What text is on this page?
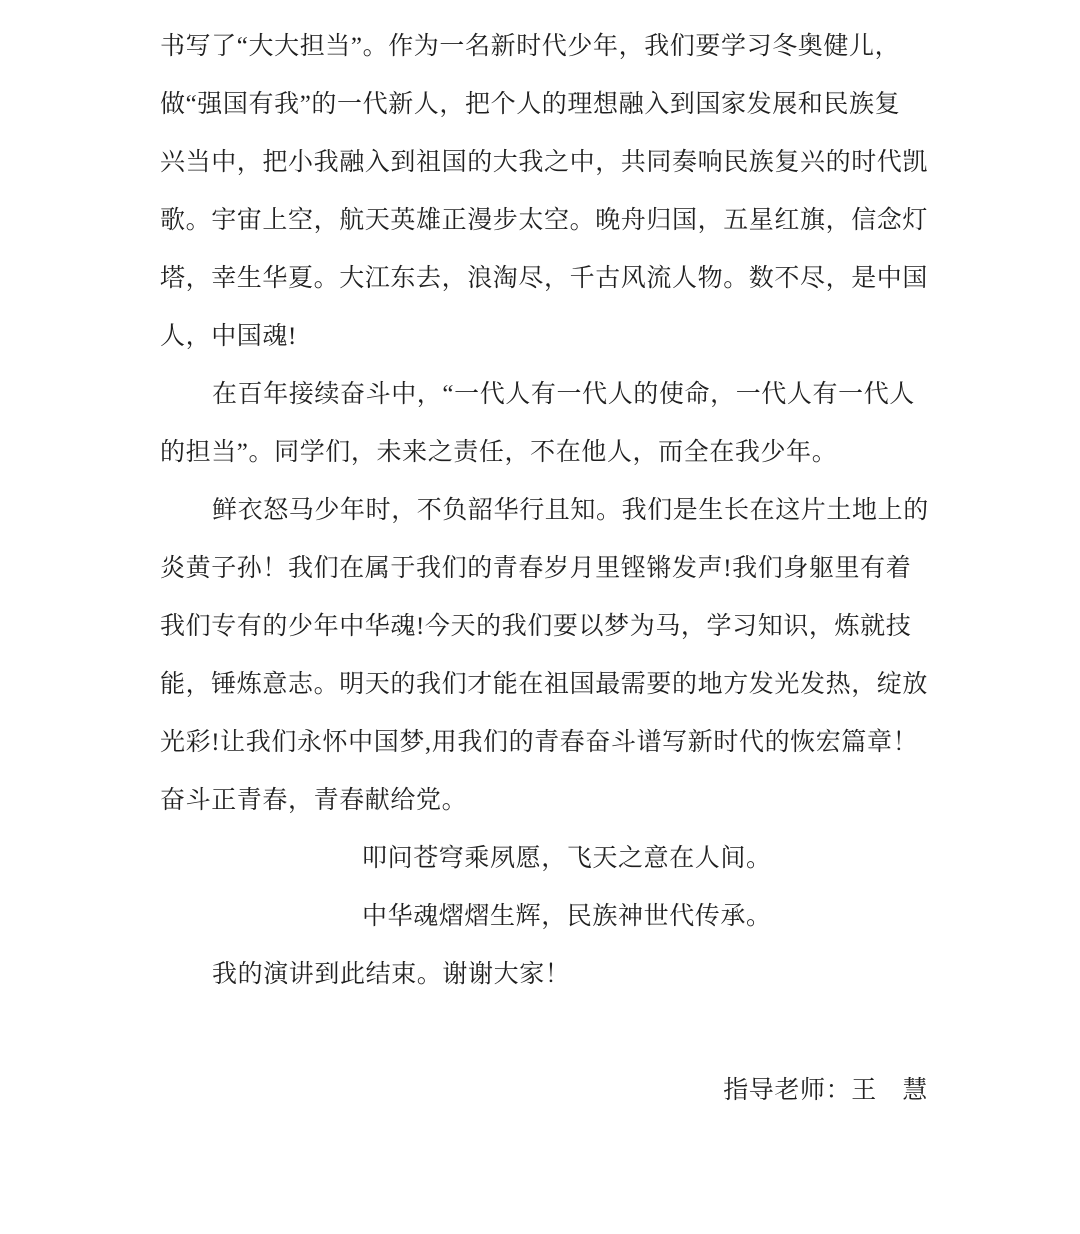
书写了“大大担当”。作为一名新时代少年，我们要学习冬奥健儿，
做“强国有我”的一代新人，把个人的理想融入到国家发展和民族复
兴当中，把小我融入到祖国的大我之中，共同奏响民族复兴的时代凯
歌。宇宙上空，航天英雄正漫步太空。晚舟归国，五星红旗，信念灯
塔，幸生华夏。大江东去，浪淘尽，千古风流人物。数不尽，是中国
人，中国魂!
在百年接续奋斗中，“一代人有一代人的使命，一代人有一代人
的担当”。同学们，未来之责任，不在他人，而全在我少年。
鲜衣怒马少年时，不负韶华行且知。我们是生长在这片土地上的
炎黄子孙！我们在属于我们的青春岁月里铿锵发声!我们身躯里有着
我们专有的少年中华魂!今天的我们要以梦为马，学习知识，炼就技
能，锤炼意志。明天的我们才能在祖国最需要的地方发光发热，绽放
光彩!让我们永怀中国梦,用我们的青春奋斗谱写新时代的恢宏篇章！
奋斗正青春，青春献给党。
叩问苍穹乘夙愿，飞天之意在人间。
中华魂熠熠生辉，民族神世代传承。
我的演讲到此结束。谢谢大家！
指导老师：王　慧
